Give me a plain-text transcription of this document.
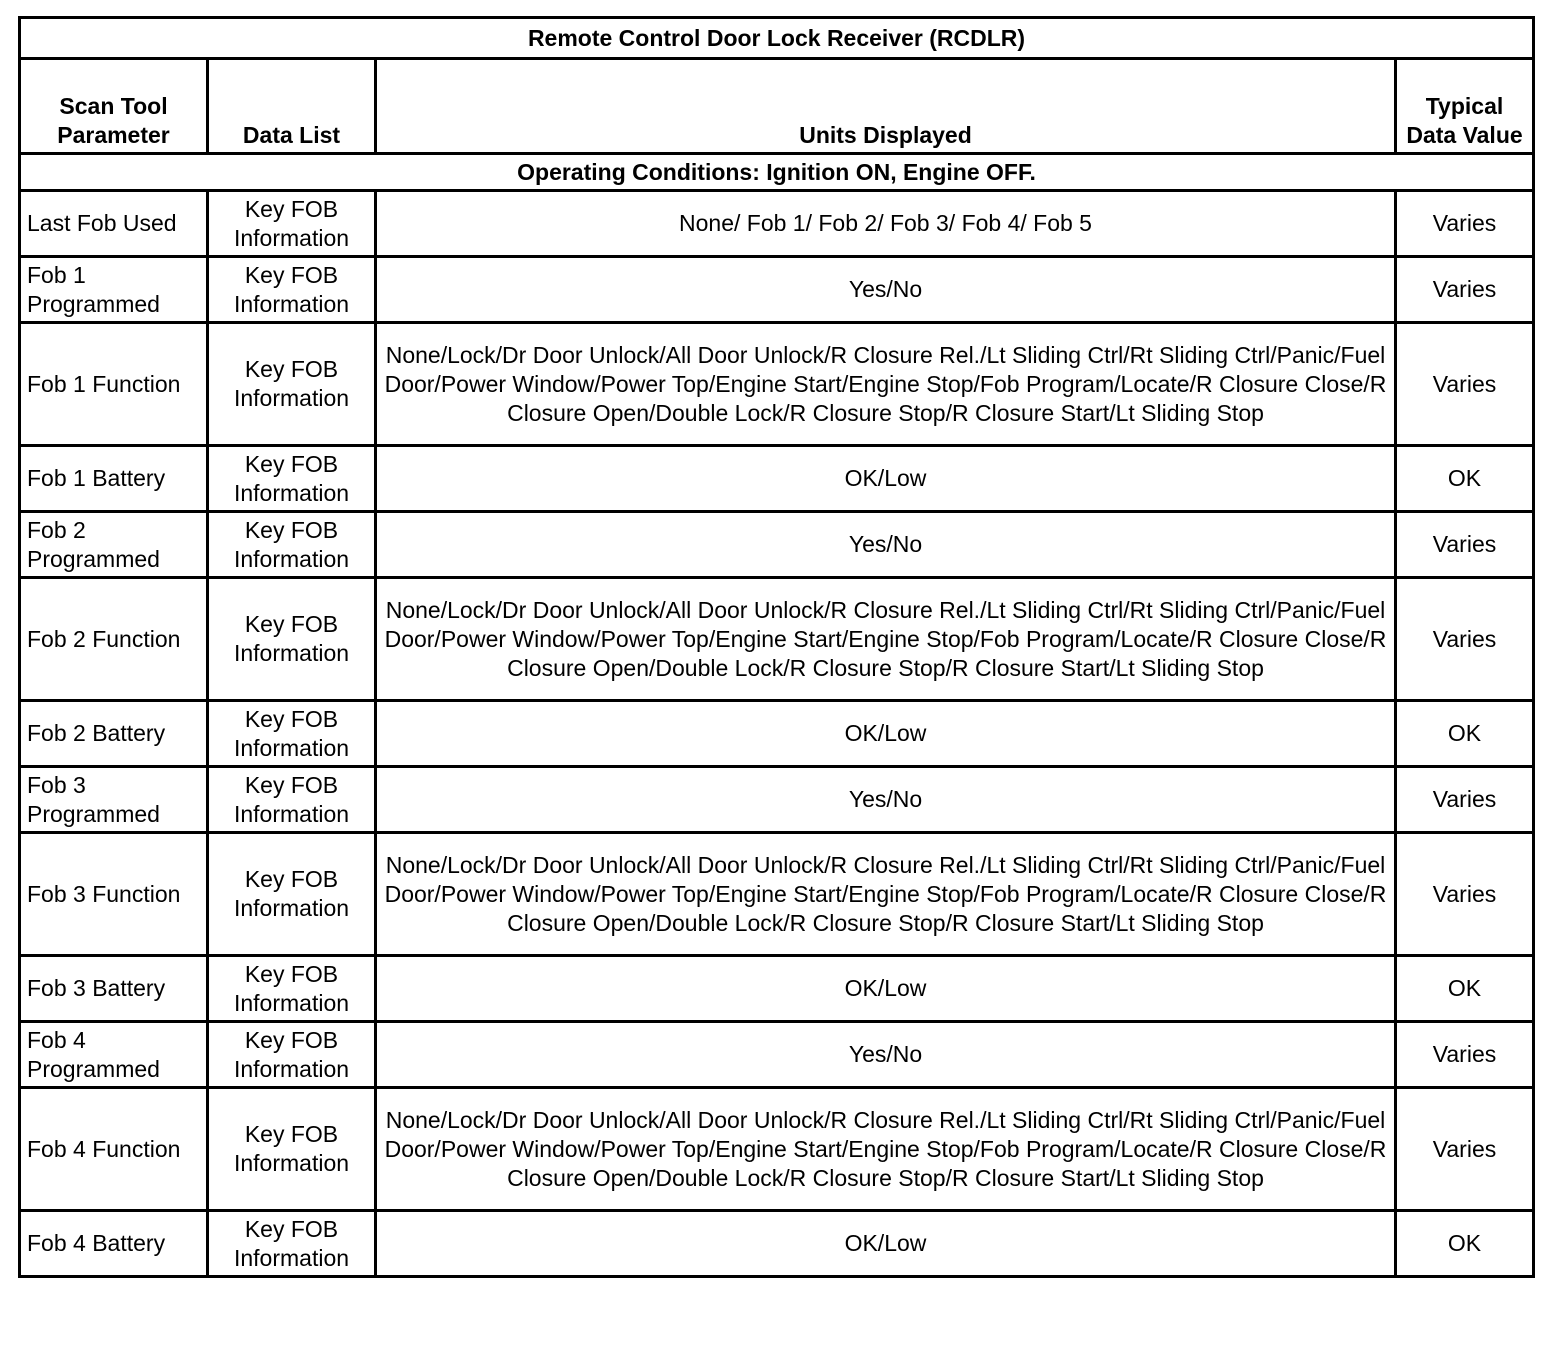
Remote Control Door Lock Receiver (RCDLR)			
Scan Tool Parameter	Data List	Units Displayed	Typical Data Value
Operating Conditions: Ignition ON, Engine OFF.			
Last Fob Used	Key FOB Information	None/ Fob 1/ Fob 2/ Fob 3/ Fob 4/ Fob 5	Varies
Fob 1 Programmed	Key FOB Information	Yes/No	Varies
Fob 1 Function	Key FOB Information	None/Lock/Dr Door Unlock/All Door Unlock/R Closure Rel./Lt Sliding Ctrl/Rt Sliding Ctrl/Panic/Fuel Door/Power Window/Power Top/Engine Start/Engine Stop/Fob Program/Locate/R Closure Close/R Closure Open/Double Lock/R Closure Stop/R Closure Start/Lt Sliding Stop	Varies
Fob 1 Battery	Key FOB Information	OK/Low	OK
Fob 2 Programmed	Key FOB Information	Yes/No	Varies
Fob 2 Function	Key FOB Information	None/Lock/Dr Door Unlock/All Door Unlock/R Closure Rel./Lt Sliding Ctrl/Rt Sliding Ctrl/Panic/Fuel Door/Power Window/Power Top/Engine Start/Engine Stop/Fob Program/Locate/R Closure Close/R Closure Open/Double Lock/R Closure Stop/R Closure Start/Lt Sliding Stop	Varies
Fob 2 Battery	Key FOB Information	OK/Low	OK
Fob 3 Programmed	Key FOB Information	Yes/No	Varies
Fob 3 Function	Key FOB Information	None/Lock/Dr Door Unlock/All Door Unlock/R Closure Rel./Lt Sliding Ctrl/Rt Sliding Ctrl/Panic/Fuel Door/Power Window/Power Top/Engine Start/Engine Stop/Fob Program/Locate/R Closure Close/R Closure Open/Double Lock/R Closure Stop/R Closure Start/Lt Sliding Stop	Varies
Fob 3 Battery	Key FOB Information	OK/Low	OK
Fob 4 Programmed	Key FOB Information	Yes/No	Varies
Fob 4 Function	Key FOB Information	None/Lock/Dr Door Unlock/All Door Unlock/R Closure Rel./Lt Sliding Ctrl/Rt Sliding Ctrl/Panic/Fuel Door/Power Window/Power Top/Engine Start/Engine Stop/Fob Program/Locate/R Closure Close/R Closure Open/Double Lock/R Closure Stop/R Closure Start/Lt Sliding Stop	Varies
Fob 4 Battery	Key FOB Information	OK/Low	OK
